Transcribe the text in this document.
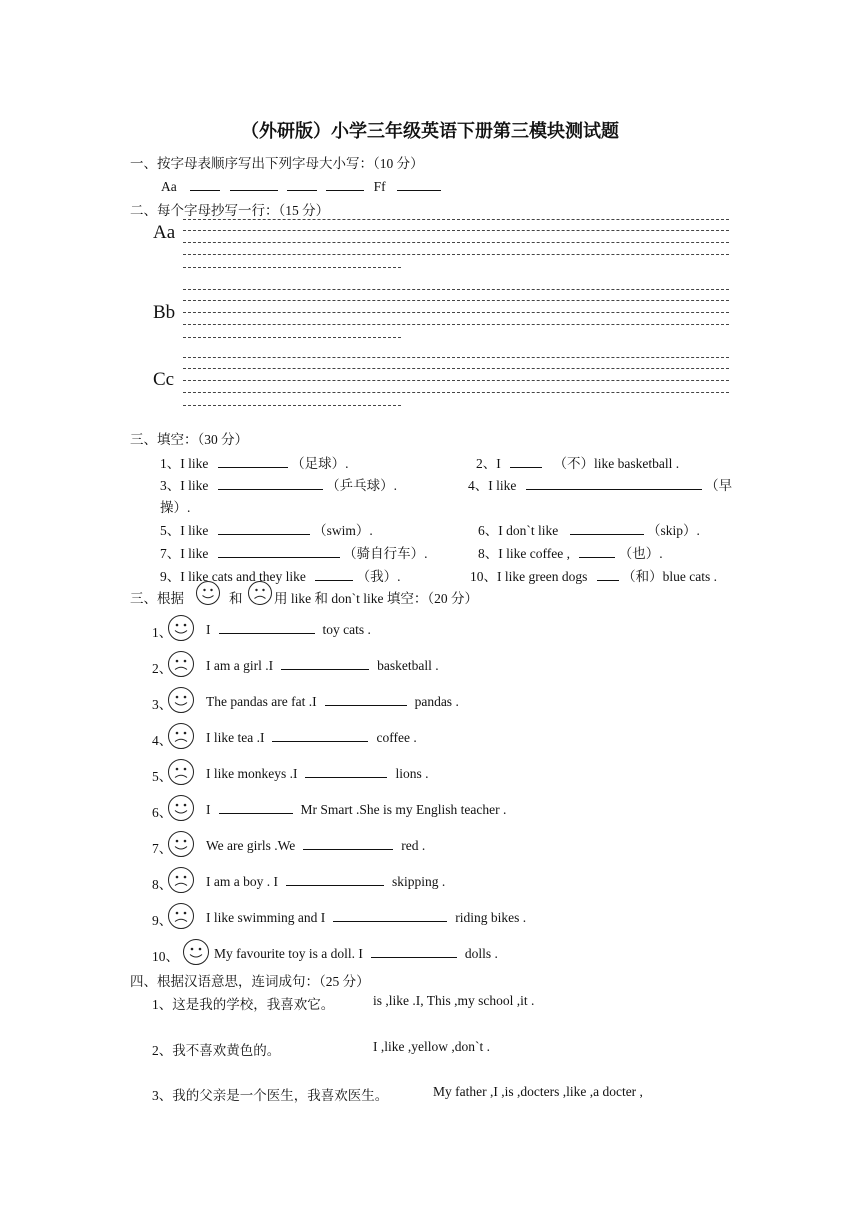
（外研版）小学三年级英语下册第三模块测试题
一、按字母表顺序写出下列字母大小写：（10 分）
Aa	Ff
二、每个字母抄写一行：（15 分）
Aa
Bb
Cc
三、填空：（30 分）
1、I like	（足球）.	2、I	（不）like basketball .
3、I like	（乒乓球）.	4、I like	（早
操）.
5、I like	（swim）.	6、I don`t like	（skip）.
7、I like	（骑自行车）.	8、I like coffee ,	（也）.
9、I like cats and they like	（我）.	10、I like green dogs	（和）blue cats .
三、根据	和 用 like 和 don`t like 填空：（20 分）
1、	I	toy cats .
2、	I am a girl .I	basketball .
3、	The pandas are fat .I	pandas .
4、	I like tea .I	coffee .
5、	I like monkeys .I	lions .
6、	I	Mr Smart .She is my English teacher .
7、	We are girls .We	red .
8、	I am a boy . I	skipping .
9、	I like swimming and I	riding bikes .
10、	My favourite toy is a doll. I	dolls .
四、根据汉语意思，连词成句：（25 分）
1、这是我的学校，我喜欢它。	is ,like .I, This ,my school ,it .
2、我不喜欢黄色的。	I ,like ,yellow ,don`t .
3、我的父亲是一个医生，我喜欢医生。	My father ,I ,is ,docters ,like ,a docter ,
